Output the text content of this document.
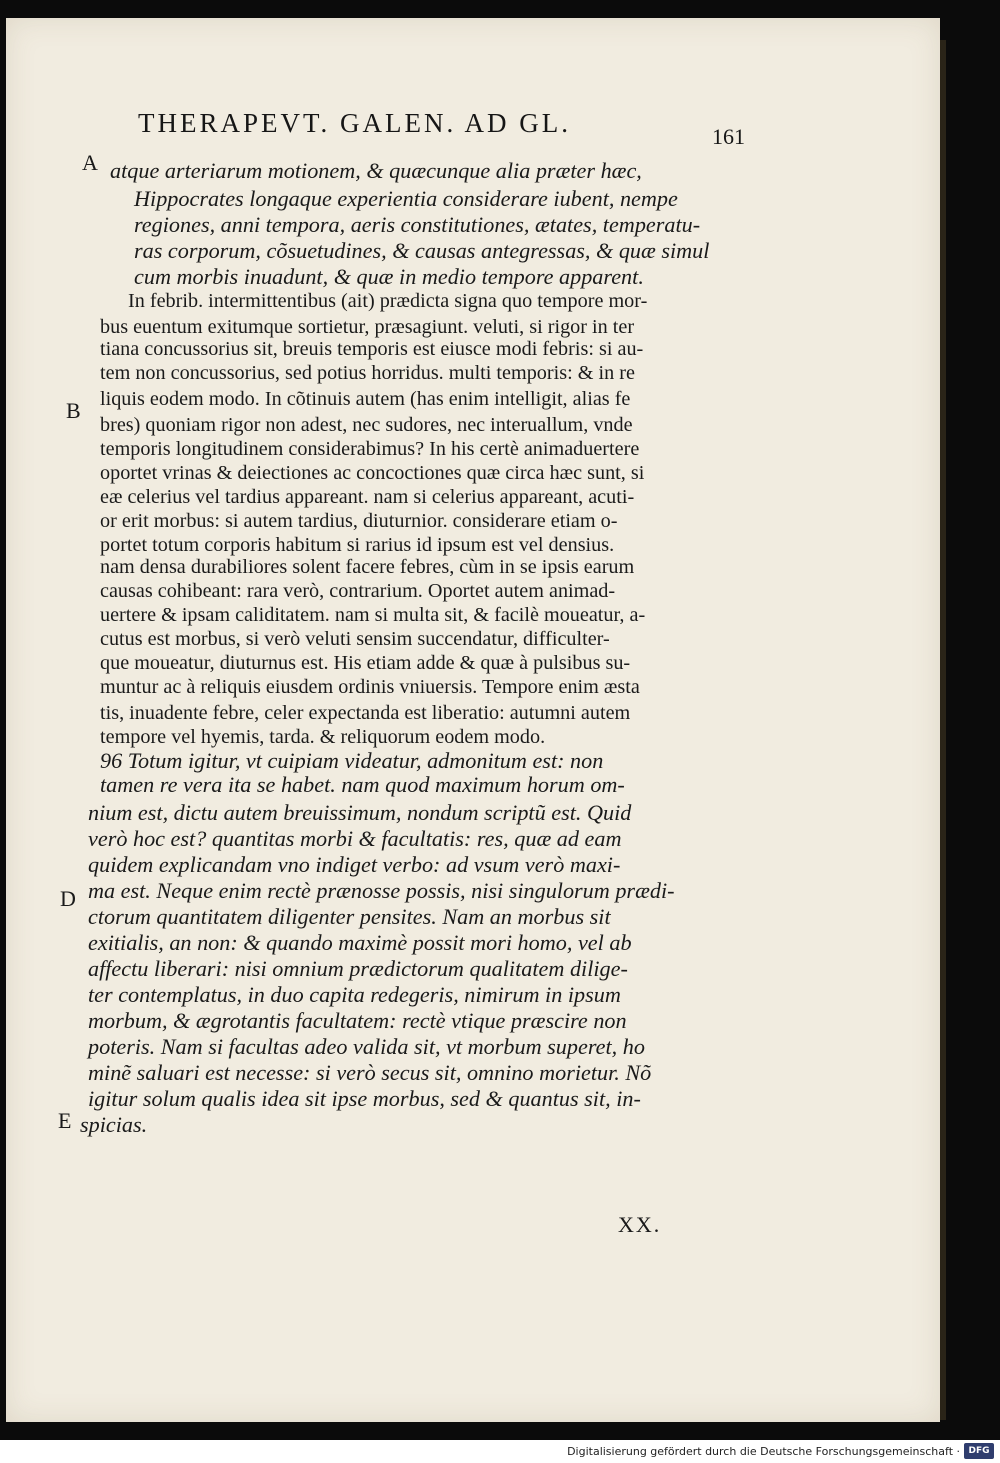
THERAPEVT. GALEN. AD GL.	161
atque arteriarum motionem, & quæcunque alia præter hæc,
Hippocrates longaque experientia considerare iubent, nempe
regiones, anni tempora, aeris constitutiones, ætates, temperatu-
ras corporum, cõsuetudines, & causas antegressas, & quæ simul
cum morbis inuadunt, & quæ in medio tempore apparent.
In febrib. intermittentibus (ait) prædicta signa quo tempore mor-
bus euentum exitumque sortietur, præsagiunt. veluti, si rigor in ter
tiana concussorius sit, breuis temporis est eiusce modi febris: si au-
tem non concussorius, sed potius horridus. multi temporis: & in re
liquis eodem modo. In cõtinuis autem (has enim intelligit, alias fe
bres) quoniam rigor non adest, nec sudores, nec interuallum, vnde
temporis longitudinem considerabimus? In his certè animaduertere
oportet vrinas & deiectiones ac concoctiones quæ circa hæc sunt, si
eæ celerius vel tardius appareant. nam si celerius appareant, acuti-
or erit morbus: si autem tardius, diuturnior. considerare etiam o-
portet totum corporis habitum si rarius id ipsum est vel densius.
nam densa durabiliores solent facere febres, cùm in se ipsis earum
causas cohibeant: rara verò, contrarium. Oportet autem animad-
uertere & ipsam caliditatem. nam si multa sit, & facilè moueatur, a-
cutus est morbus, si verò veluti sensim succendatur, difficulter-
que moueatur, diuturnus est. His etiam adde & quæ à pulsibus su-
muntur ac à reliquis eiusdem ordinis vniuersis. Tempore enim æsta
tis, inuadente febre, celer expectanda est liberatio: autumni autem
tempore vel hyemis, tarda. & reliquorum eodem modo.
96 Totum igitur, vt cuipiam videatur, admonitum est: non
tamen re vera ita se habet. nam quod maximum horum om-
nium est, dictu autem breuissimum, nondum scriptũ est. Quid
verò hoc est? quantitas morbi & facultatis: res, quæ ad eam
quidem explicandam vno indiget verbo: ad vsum verò maxi-
ma est. Neque enim rectè prænosse possis, nisi singulorum prædi-
ctorum quantitatem diligenter pensites. Nam an morbus sit
exitialis, an non: & quando maximè possit mori homo, vel ab
affectu liberari: nisi omnium prædictorum qualitatem dilige-
ter contemplatus, in duo capita redegeris, nimirum in ipsum
morbum, & ægrotantis facultatem: rectè vtique præscire non
poteris. Nam si facultas adeo valida sit, vt morbum superet, ho
minẽ saluari est necesse: si verò secus sit, omnino morietur. Nõ
igitur solum qualis idea sit ipse morbus, sed & quantus sit, in-
spicias.
A
B
D
E
XX.
Digitalisierung gefördert durch die Deutsche Forschungsgemeinschaft · DFG
